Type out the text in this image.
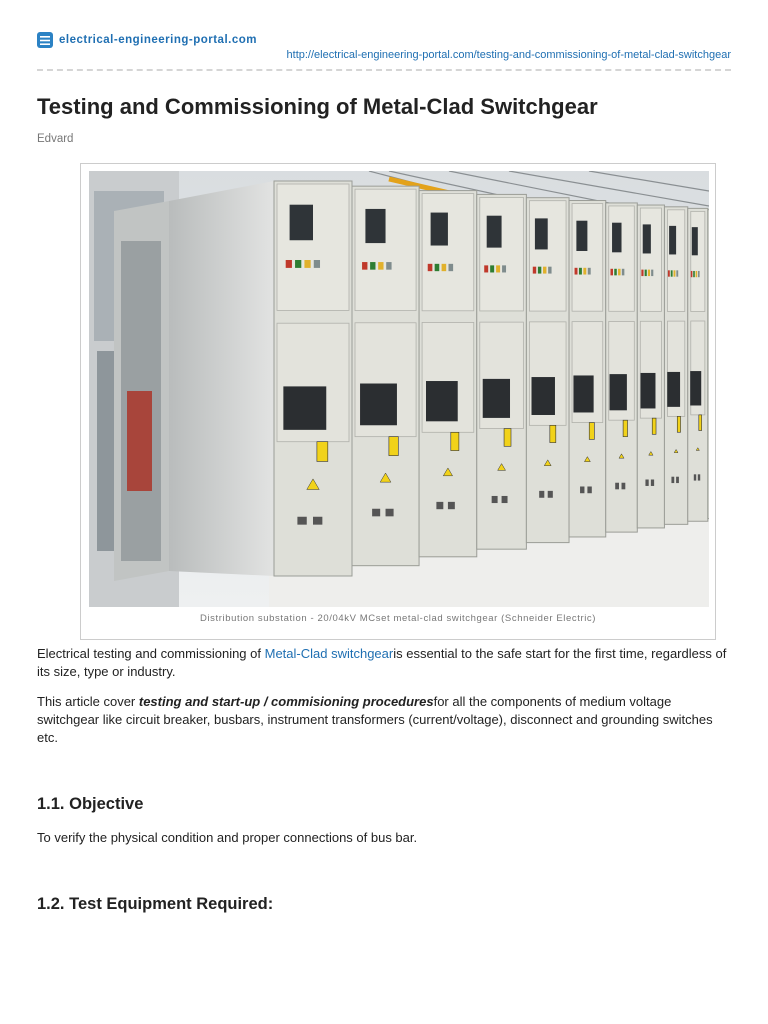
electrical-engineering-portal.com
http://electrical-engineering-portal.com/testing-and-commissioning-of-metal-clad-switchgear
Testing and Commissioning of Metal-Clad Switchgear
Edvard
Distribution substation - 20/04kV MCset metal-clad switchgear (Schneider Electric)

Electrical testing and commissioning of Metal-Clad switchgearis essential to the safe start for the first time, regardless of its size, type or industry.

This article cover testing and start-up / commisioning proceduresfor all the components of medium voltage switchgear like circuit breaker, busbars, instrument transformers (current/voltage), disconnect and grounding switches etc.

1.1. Objective

To verify the physical condition and proper connections of bus bar.

1.2. Test Equipment Required:
